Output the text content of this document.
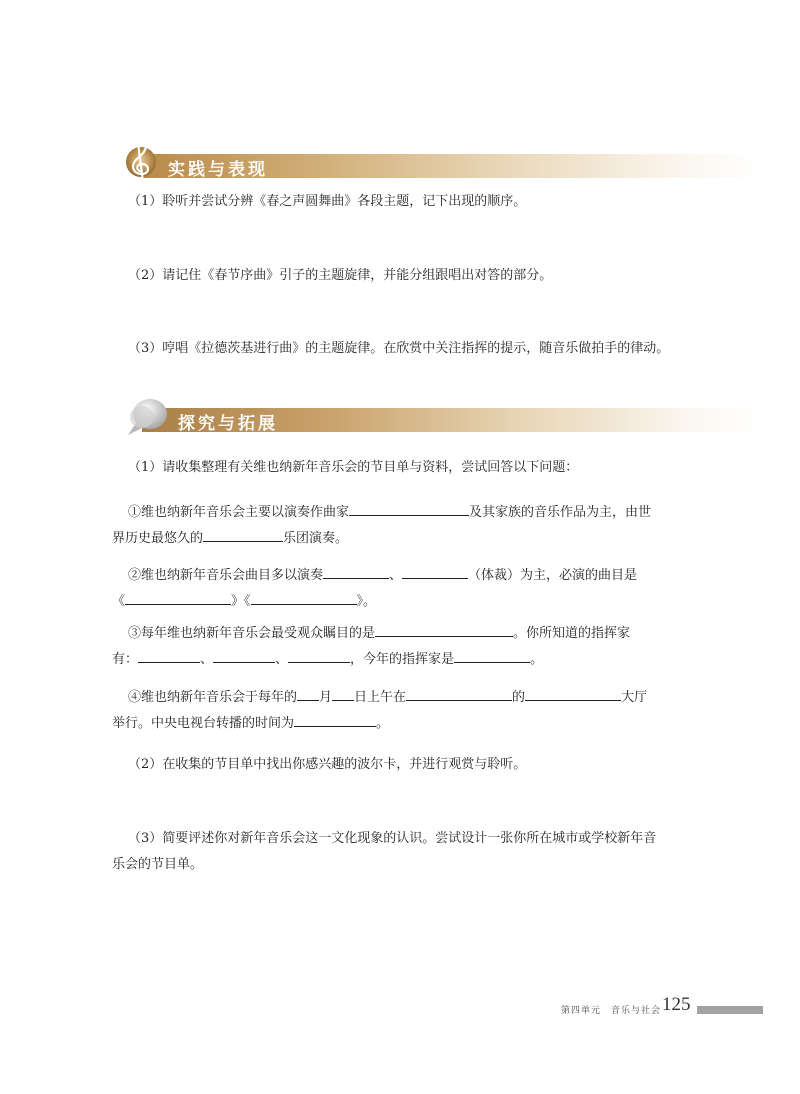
实践与表现
（1）聆听并尝试分辨《春之声圆舞曲》各段主题，记下出现的顺序。
（2）请记住《春节序曲》引子的主题旋律，并能分组跟唱出对答的部分。
（3）哼唱《拉德茨基进行曲》的主题旋律。在欣赏中关注指挥的提示，随音乐做拍手的律动。
探究与拓展
（1）请收集整理有关维也纳新年音乐会的节目单与资料，尝试回答以下问题：
①维也纳新年音乐会主要以演奏作曲家	及其家族的音乐作品为主，由世
界历史最悠久的	乐团演奏。
②维也纳新年音乐会曲目多以演奏	、	（体裁）为主，必演的曲目是
《	》《	》。
③每年维也纳新年音乐会最受观众瞩目的是	。你所知道的指挥家
有：	、	、	，今年的指挥家是	。
④维也纳新年音乐会于每年的 月 日上午在	的	大厅
举行。中央电视台转播的时间为	。
（2）在收集的节目单中找出你感兴趣的波尔卡，并进行观赏与聆听。
（3）简要评述你对新年音乐会这一文化现象的认识。尝试设计一张你所在城市或学校新年音
乐会的节目单。
第四单元　音乐与社会 125
